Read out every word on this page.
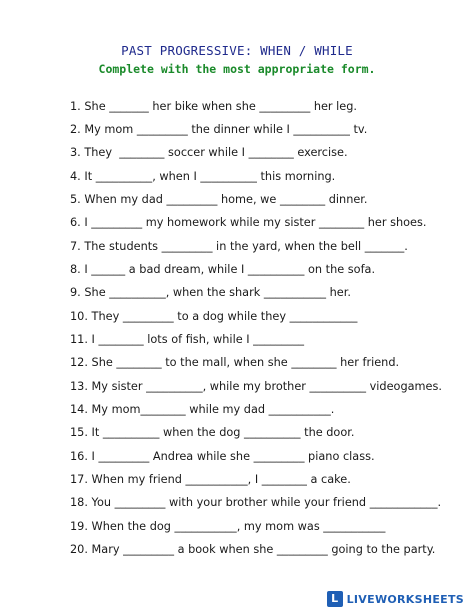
PAST PROGRESSIVE: WHEN / WHILE
Complete with the most appropriate form.
1. She _______ her bike when she _________ her leg.
2. My mom _________ the dinner while I __________ tv.
3. They  ________ soccer while I ________ exercise.
4. It __________, when I __________ this morning.
5. When my dad _________ home, we ________ dinner.
6. I _________ my homework while my sister ________ her shoes.
7. The students _________ in the yard, when the bell _______.
8. I ______ a bad dream, while I __________ on the sofa.
9. She __________, when the shark ___________ her.
10. They _________ to a dog while they ____________
11. I ________ lots of fish, while I _________
12. She ________ to the mall, when she ________ her friend.
13. My sister __________, while my brother __________ videogames.
14. My mom________ while my dad ___________.
15. It __________ when the dog __________ the door.
16. I _________ Andrea while she _________ piano class.
17. When my friend ___________, I ________ a cake.
18. You _________ with your brother while your friend ____________.
19. When the dog ___________, my mom was ___________
20. Mary _________ a book when she _________ going to the party.
L LIVEWORKSHEETS
